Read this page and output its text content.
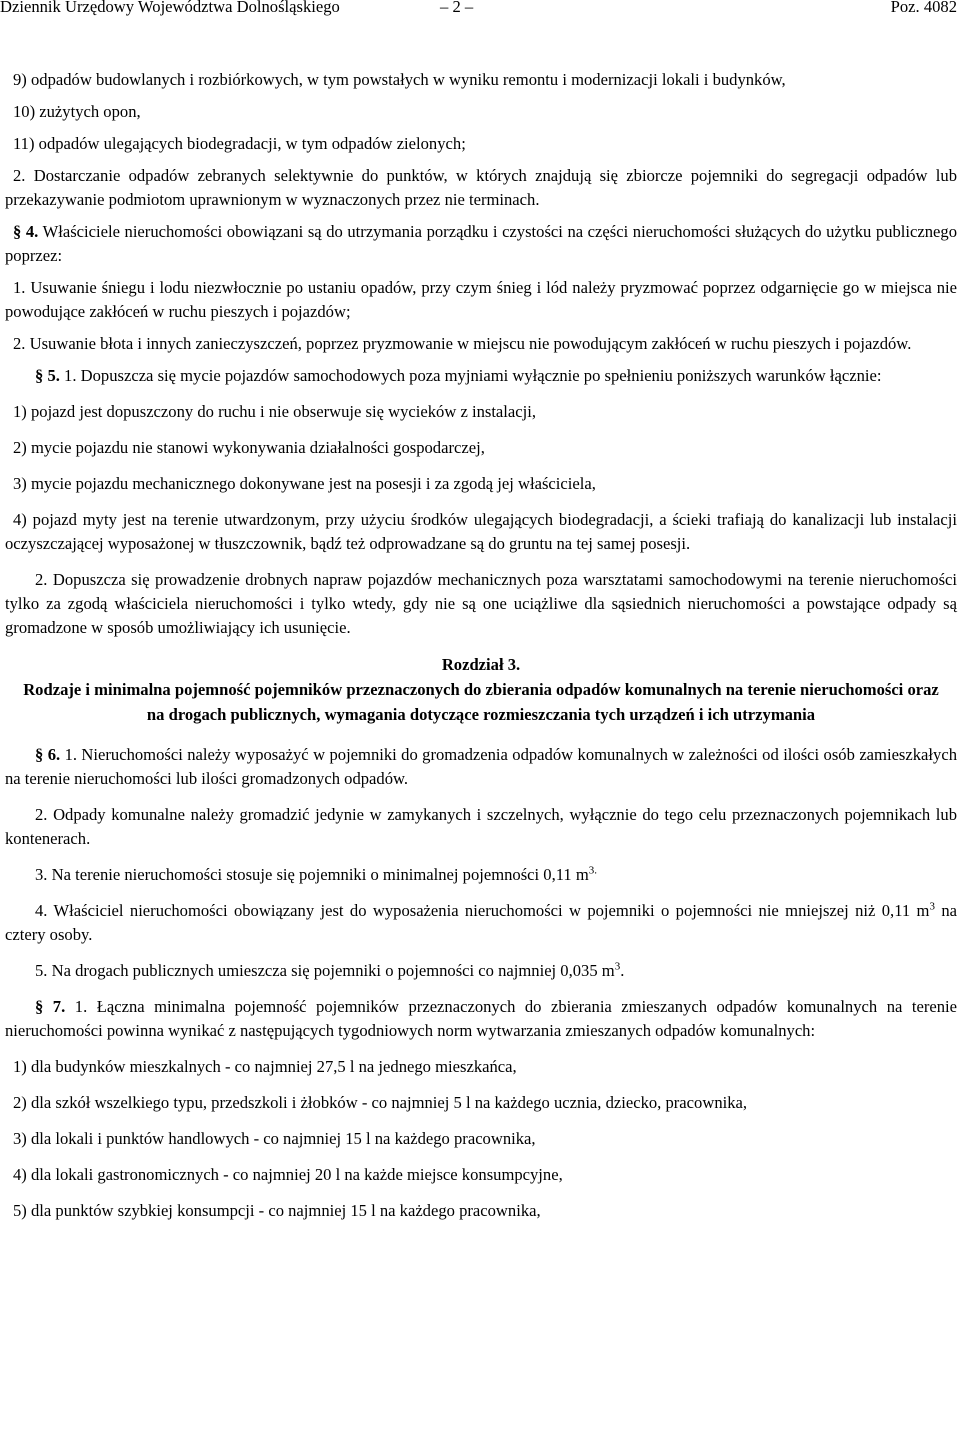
Dziennik Urzędowy Województwa Dolnośląskiego	– 2 –	Poz. 4082

9) odpadów budowlanych i rozbiórkowych, w tym powstałych w wyniku remontu i modernizacji lokali i budynków,

10) zużytych opon,

11) odpadów ulegających biodegradacji, w tym odpadów zielonych;

2. Dostarczanie odpadów zebranych selektywnie do punktów, w których znajdują się zbiorcze pojemniki do segregacji odpadów lub przekazywanie podmiotom uprawnionym w wyznaczonych przez nie terminach.

§ 4. Właściciele nieruchomości obowiązani są do utrzymania porządku i czystości na części nieruchomości służących do użytku publicznego poprzez:

1. Usuwanie śniegu i lodu niezwłocznie po ustaniu opadów, przy czym śnieg i lód należy pryzmować poprzez odgarnięcie go w miejsca nie powodujące zakłóceń w ruchu pieszych i pojazdów;

2. Usuwanie błota i innych zanieczyszczeń, poprzez pryzmowanie w miejscu nie powodującym zakłóceń w ruchu pieszych i pojazdów.

§ 5. 1. Dopuszcza się mycie pojazdów samochodowych poza myjniami wyłącznie po spełnieniu poniższych warunków łącznie:

1) pojazd jest dopuszczony do ruchu i nie obserwuje się wycieków z instalacji,

2) mycie pojazdu nie stanowi wykonywania działalności gospodarczej,

3) mycie pojazdu mechanicznego dokonywane jest na posesji i za zgodą jej właściciela,

4) pojazd myty jest na terenie utwardzonym, przy użyciu środków ulegających biodegradacji, a ścieki trafiają do kanalizacji lub instalacji oczyszczającej wyposażonej w tłuszczownik, bądź też odprowadzane są do gruntu na tej samej posesji.

2. Dopuszcza się prowadzenie drobnych napraw pojazdów mechanicznych poza warsztatami samochodowymi na terenie nieruchomości tylko za zgodą właściciela nieruchomości i tylko wtedy, gdy nie są one uciążliwe dla sąsiednich nieruchomości a powstające odpady są gromadzone w sposób umożliwiający ich usunięcie.

Rozdział 3.
Rodzaje i minimalna pojemność pojemników przeznaczonych do zbierania odpadów komunalnych na terenie nieruchomości oraz na drogach publicznych, wymagania dotyczące rozmieszczania tych urządzeń i ich utrzymania

§ 6. 1. Nieruchomości należy wyposażyć w pojemniki do gromadzenia odpadów komunalnych w zależności od ilości osób zamieszkałych na terenie nieruchomości lub ilości gromadzonych odpadów.

2. Odpady komunalne należy gromadzić jedynie w zamykanych i szczelnych, wyłącznie do tego celu przeznaczonych pojemnikach lub kontenerach.

3. Na terenie nieruchomości stosuje się pojemniki o minimalnej pojemności 0,11 $m^{3.}$

4. Właściciel nieruchomości obowiązany jest do wyposażenia nieruchomości w pojemniki o pojemności nie mniejszej niż 0,11 $m^3$ na cztery osoby.

5. Na drogach publicznych umieszcza się pojemniki o pojemności co najmniej 0,035 $m^3$.

§ 7. 1. Łączna minimalna pojemność pojemników przeznaczonych do zbierania zmieszanych odpadów komunalnych na terenie nieruchomości powinna wynikać z następujących tygodniowych norm wytwarzania zmieszanych odpadów komunalnych:

1) dla budynków mieszkalnych - co najmniej 27,5 l na jednego mieszkańca,

2) dla szkół wszelkiego typu, przedszkoli i żłobków - co najmniej 5 l na każdego ucznia, dziecko, pracownika,

3) dla lokali i punktów handlowych - co najmniej 15 l na każdego pracownika,

4) dla lokali gastronomicznych - co najmniej 20 l na każde miejsce konsumpcyjne,

5) dla punktów szybkiej konsumpcji - co najmniej 15 l na każdego pracownika,
